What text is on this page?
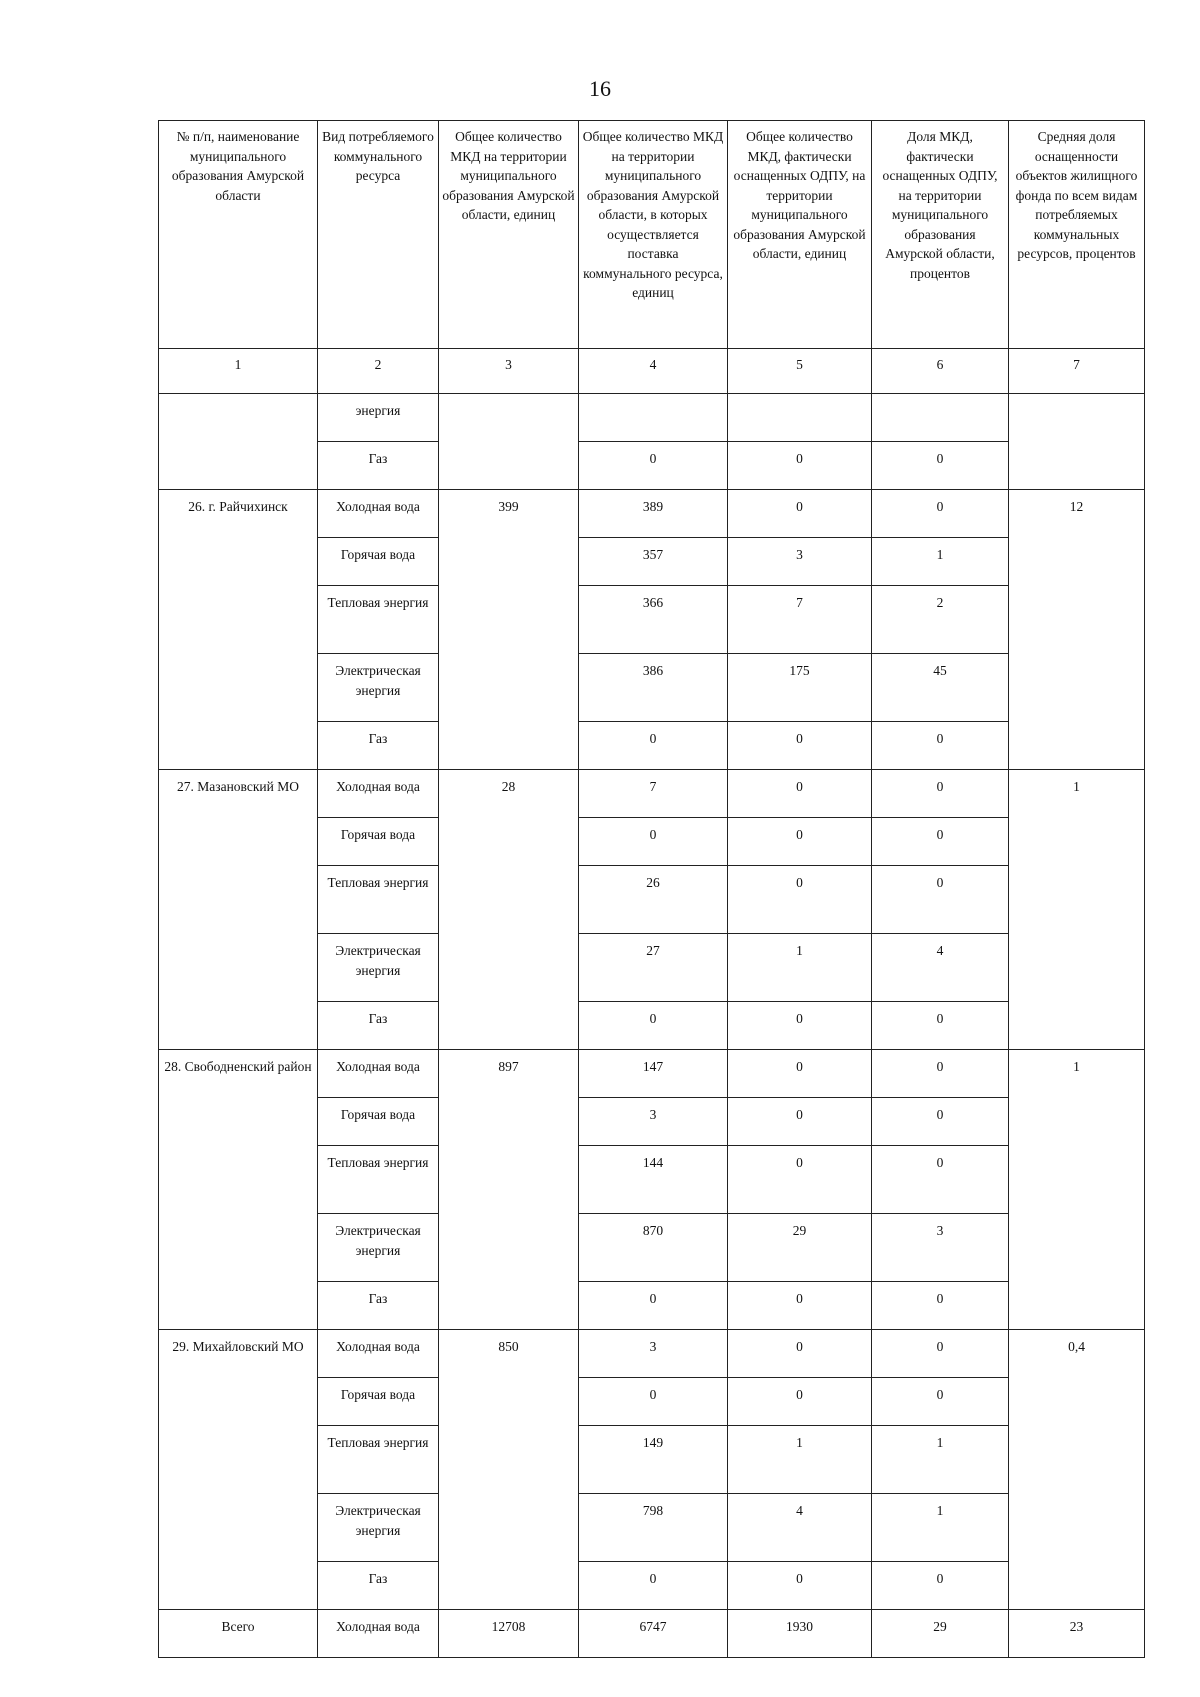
16
№ п/п, наименование муниципального образования Амурской области	Вид потребляемого коммунального ресурса	Общее количество МКД на территории муниципального образования Амурской области, единиц	Общее количество МКД на территории муниципального образования Амурской области, в которых осуществляется поставка коммунального ресурса, единиц	Общее количество МКД, фактически оснащенных ОДПУ, на территории муниципального образования Амурской области, единиц	Доля МКД, фактически оснащенных ОДПУ, на территории муниципального образования Амурской области, процентов	Средняя доля оснащенности объектов жилищного фонда по всем видам потребляемых коммунальных ресурсов, процентов
1	2	3	4	5	6	7
	энергия					
	Газ		0	0	0	
26. г. Райчихинск	Холодная вода	399	389	0	0	12
	Горячая вода		357	3	1	
	Тепловая энергия		366	7	2	
	Электрическая энергия		386	175	45	
	Газ		0	0	0	
27. Мазановский МО	Холодная вода	28	7	0	0	1
	Горячая вода		0	0	0	
	Тепловая энергия		26	0	0	
	Электрическая энергия		27	1	4	
	Газ		0	0	0	
28. Свободненский район	Холодная вода	897	147	0	0	1
	Горячая вода		3	0	0	
	Тепловая энергия		144	0	0	
	Электрическая энергия		870	29	3	
	Газ		0	0	0	
29. Михайловский МО	Холодная вода	850	3	0	0	0,4
	Горячая вода		0	0	0	
	Тепловая энергия		149	1	1	
	Электрическая энергия		798	4	1	
	Газ		0	0	0	
Всего	Холодная вода	12708	6747	1930	29	23
